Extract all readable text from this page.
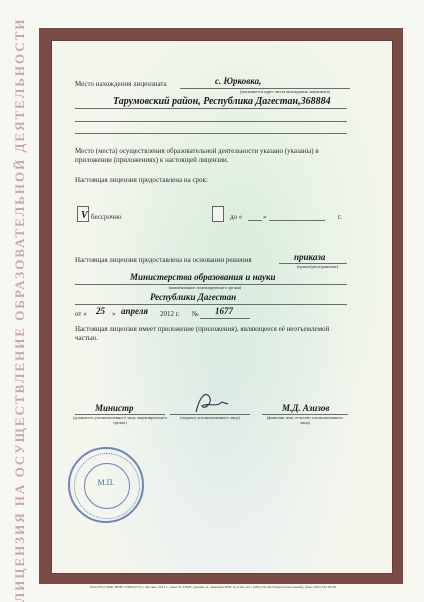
ЛИЦЕНЗИЯ НА ОСУЩЕСТВЛЕНИЕ ОБРАЗОВАТЕЛЬНОЙ ДЕЯТЕЛЬНОСТИ	Место нахождения лицензиата	с. Юрковка,
(указывается адрес места нахождения лицензиата)
Тарумовский район, Республика Дагестан,368884
Место (места) осуществления образовательной деятельности указано (указаны) в приложении (приложениях) к настоящей лицензии.
Настоящая лицензия предоставлена на срок:
V бессрочно	до «	»	г.
Настоящая лицензия предоставлена на основании решения	приказа
(приказ/распоряжение)
Министерства образования и науки
(наименование лицензирующего органа)
Республики Дагестан
от « 25 » апреля 2012 г. № 1677
Настоящая лицензия имеет приложение (приложения), являющееся её неотъемлемой частью.
Министр
(должность уполномоченного лица лицензирующего органа)
(подпись уполномоченного лица)
М.Д. Азизов
(фамилия, имя, отчество уполномоченного лица)
М.П.
ООО Н.Т.ГРАФ, ИНН 7736032770, г. Москва, 2012 г., заказ № 31605, уровень А, лицензия ФНС России, тел.: (495) 332-02-92(многоканальный), факс (495) 332-04-89
